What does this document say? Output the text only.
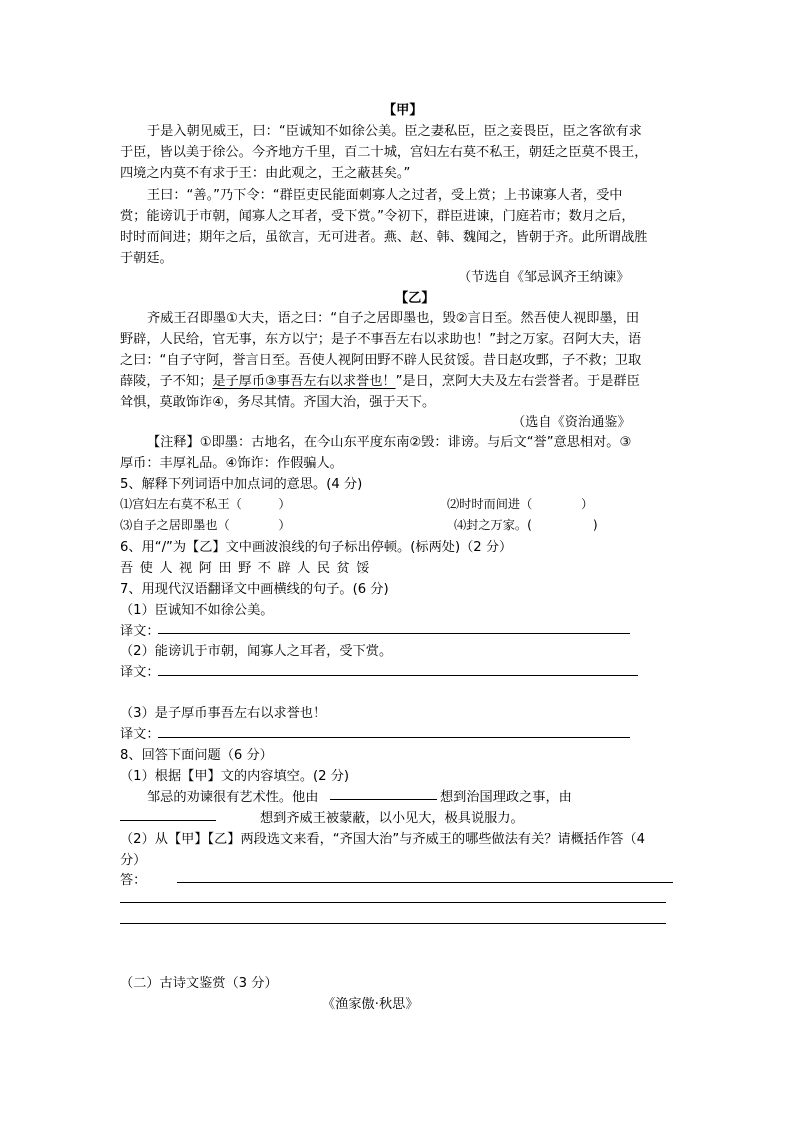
【甲】
于是入朝见威王，曰：“臣诚知不如徐公美。臣之妻私臣，臣之妾畏臣，臣之客欲有求
于臣，皆以美于徐公。今齐地方千里，百二十城，宫妇左右莫不私王，朝廷之臣莫不畏王，
四境之内莫不有求于王：由此观之，王之蔽甚矣。”
王曰：“善。”乃下令：“群臣吏民能面刺寡人之过者，受上赏；上书谏寡人者，受中
赏；能谤讥于市朝，闻寡人之耳者，受下赏。”令初下，群臣进谏，门庭若市；数月之后，
时时而间进；期年之后，虽欲言，无可进者。燕、赵、韩、魏闻之，皆朝于齐。此所谓战胜
于朝廷。
（节选自《邹忌讽齐王纳谏》
【乙】
齐威王召即墨①大夫，语之曰：“自子之居即墨也，毁②言日至。然吾使人视即墨，田
野辟，人民给，官无事，东方以宁；是子不事吾左右以求助也！”封之万家。召阿大夫，语
之曰：“自子守阿，誉言日至。吾使人视阿田野不辟人民贫馁。昔日赵攻鄄，子不救；卫取
薛陵，子不知；是子厚币③事吾左右以求誉也！”是日，烹阿大夫及左右尝誉者。于是群臣
耸惧，莫敢饰诈④，务尽其情。齐国大治，强于天下。
（选自《资治通鉴》
【注释】①即墨：古地名，在今山东平度东南②毁：诽谤。与后文“誉”意思相对。③
厚币：丰厚礼品。④饰诈：作假骗人。
5、解释下列词语中加点词的意思。(4 分)
⑴宫妇左右莫不私王（　　　）	⑵时时而间进（　　　　）
⑶自子之居即墨也（　　　　）	⑷封之万家。(　　　　　)
6、用“/”为【乙】文中画波浪线的句子标出停顿。(标两处)（2 分）
吾使人视阿田野不辟人民贫馁
7、用现代汉语翻译文中画横线的句子。(6 分)
（1）臣诚知不如徐公美。
译文：
（2）能谤讥于市朝，闻寡人之耳者，受下赏。
译文：
（3）是子厚币事吾左右以求誉也！
译文：
8、回答下面问题（6 分）
（1）根据【甲】文的内容填空。(2 分)
邹忌的劝谏很有艺术性。他由	想到治国理政之事，由
想到齐威王被蒙蔽，以小见大，极具说服力。
（2）从【甲】【乙】两段选文来看，“齐国大治”与齐威王的哪些做法有关？请概括作答（4
分）
答：
（二）古诗文鉴赏（3 分）
《渔家傲·秋思》
